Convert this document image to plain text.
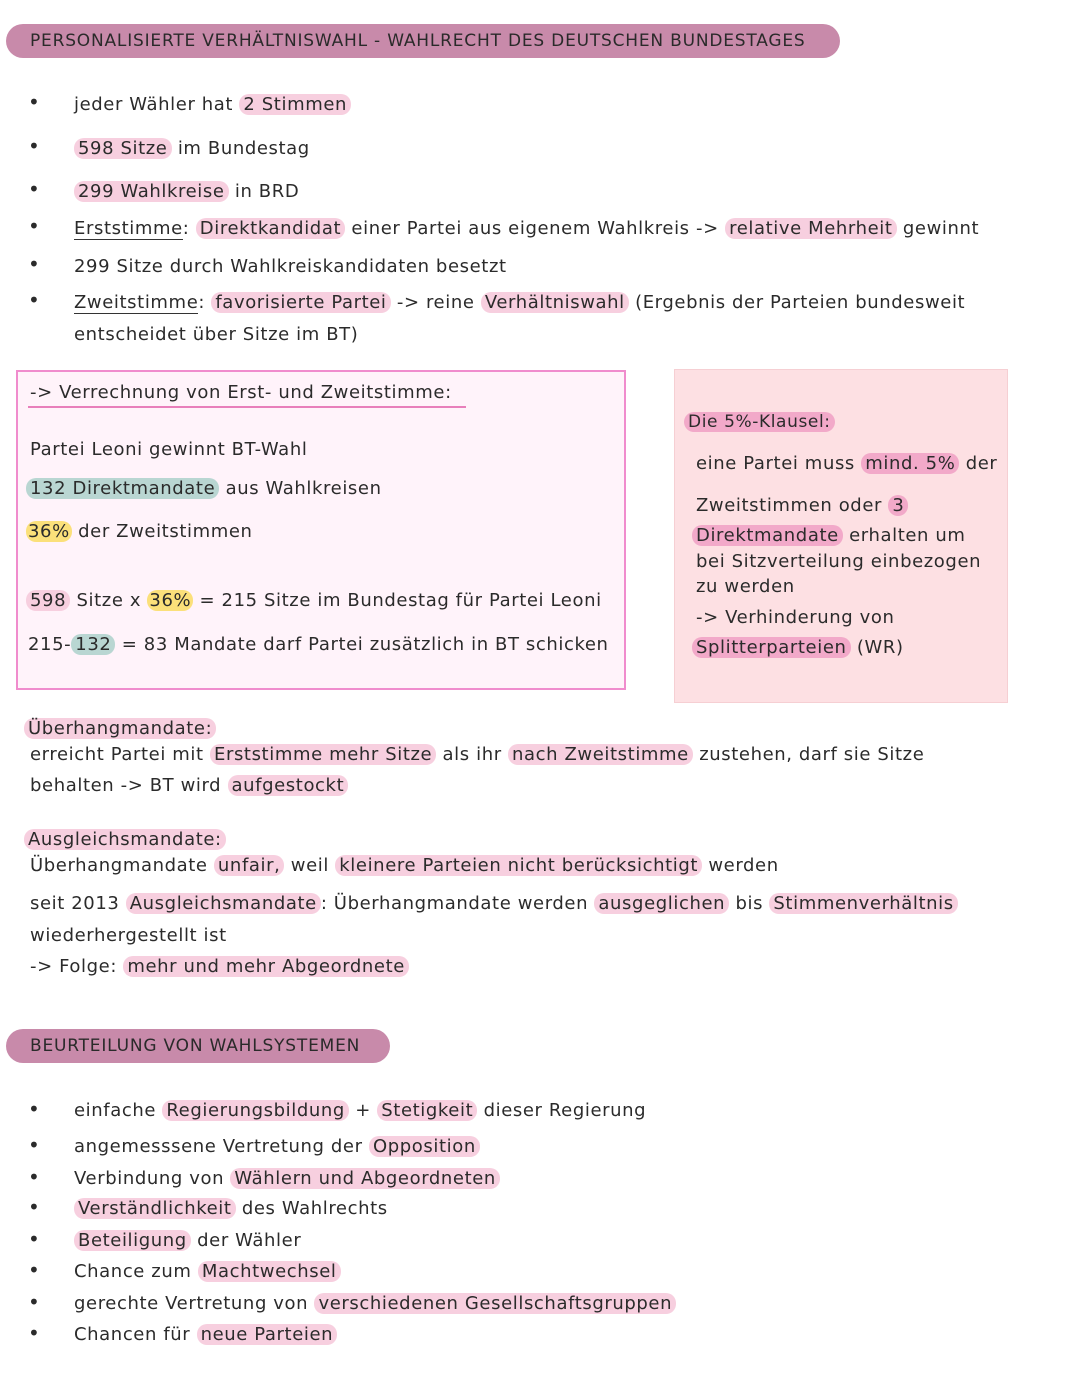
PERSONALISIERTE VERHÄLTNISWAHL - WAHLRECHT DES DEUTSCHEN BUNDESTAGES
• jeder Wähler hat 2 Stimmen
• 598 Sitze im Bundestag
• 299 Wahlkreise in BRD
• Erststimme: Direktkandidat einer Partei aus eigenem Wahlkreis -> relative Mehrheit gewinnt
• 299 Sitze durch Wahlkreiskandidaten besetzt
• Zweitstimme: favorisierte Partei -> reine Verhältniswahl (Ergebnis der Parteien bundesweit
entscheidet über Sitze im BT)
-> Verrechnung von Erst- und Zweitstimme:
Partei Leoni gewinnt BT-Wahl
132 Direktmandate aus Wahlkreisen
36% der Zweitstimmen
598 Sitze x 36% = 215 Sitze im Bundestag für Partei Leoni
215- 132 = 83 Mandate darf Partei zusätzlich in BT schicken
Die 5%-Klausel:
eine Partei muss mind. 5% der
Zweitstimmen oder 3
Direktmandate erhalten um
bei Sitzverteilung einbezogen
zu werden
-> Verhinderung von
Splitterparteien (WR)
Überhangmandate:
erreicht Partei mit Erststimme mehr Sitze als ihr nach Zweitstimme zustehen, darf sie Sitze
behalten -> BT wird aufgestockt
Ausgleichsmandate:
Überhangmandate unfair, weil kleinere Parteien nicht berücksichtigt werden
seit 2013 Ausgleichsmandate : Überhangmandate werden ausgeglichen bis Stimmenverhältnis
wiederhergestellt ist
-> Folge: mehr und mehr Abgeordnete
BEURTEILUNG VON WAHLSYSTEMEN
• einfache Regierungsbildung + Stetigkeit dieser Regierung
• angemesssene Vertretung der Opposition
• Verbindung von Wählern und Abgeordneten
• Verständlichkeit des Wahlrechts
• Beteiligung der Wähler
• Chance zum Machtwechsel
• gerechte Vertretung von verschiedenen Gesellschaftsgruppen
• Chancen für neue Parteien
